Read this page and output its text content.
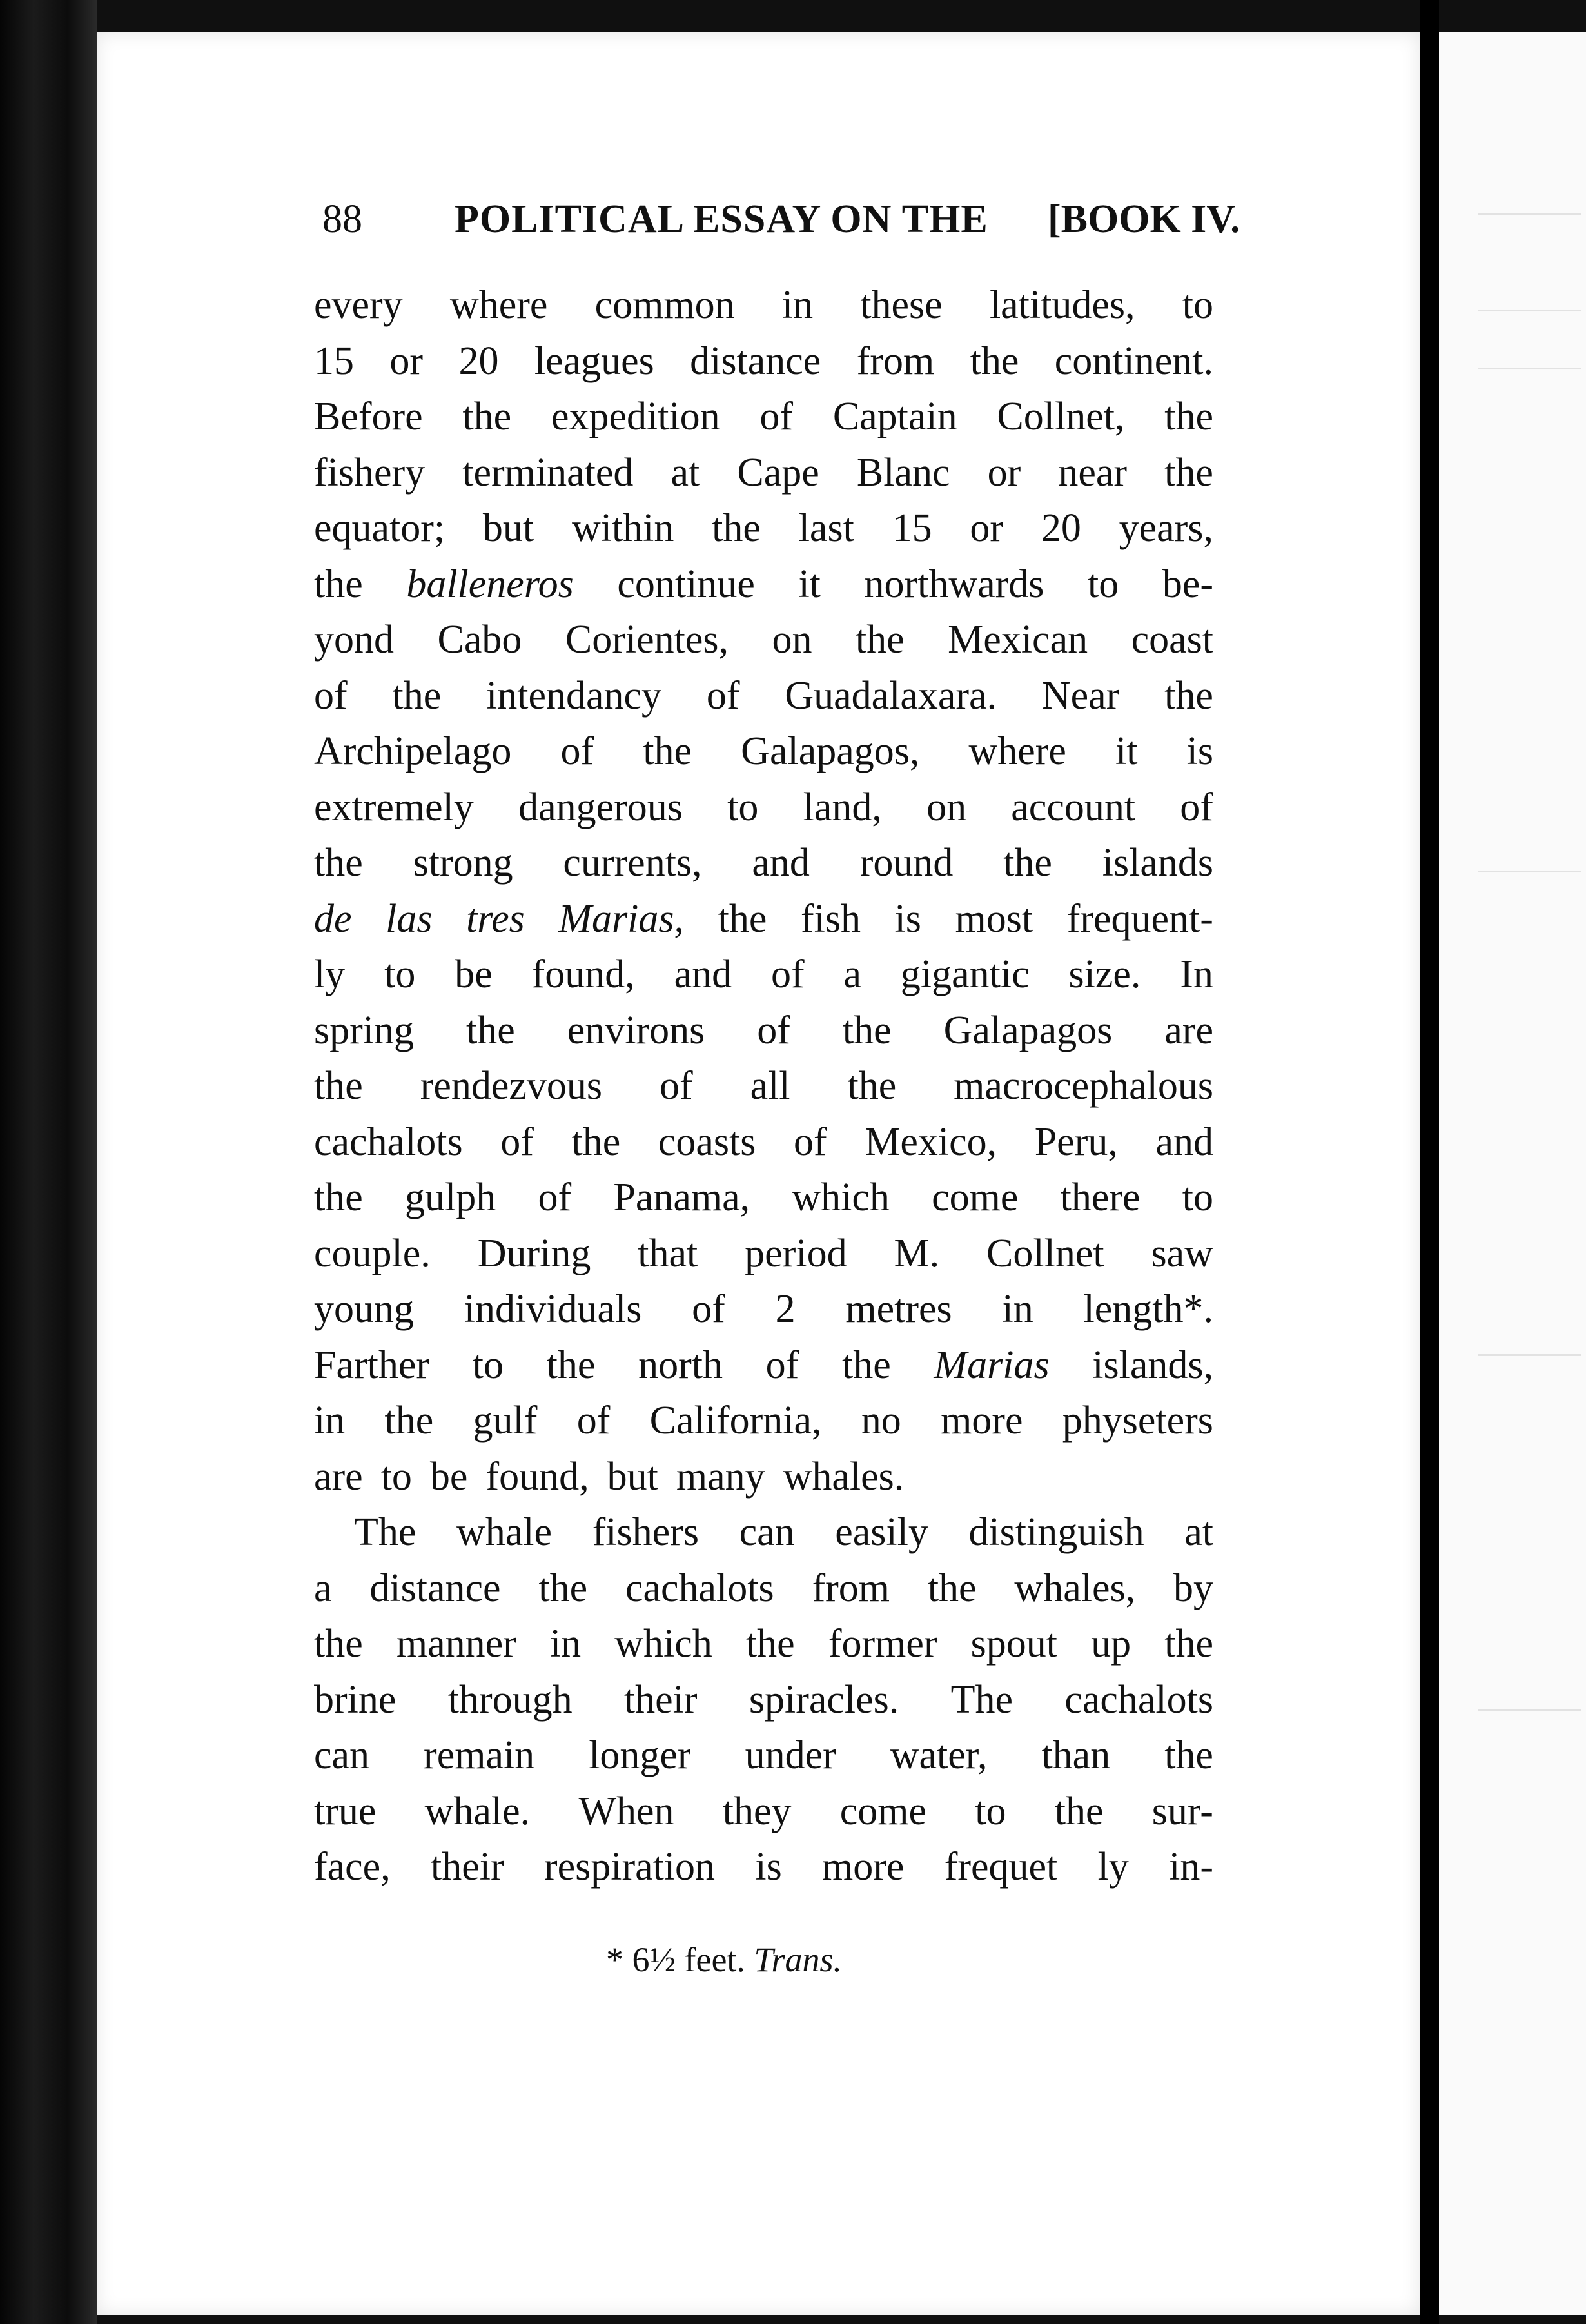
88 POLITICAL ESSAY ON THE [BOOK IV.
every where common in these latitudes, to
15 or 20 leagues distance from the continent.
Before the expedition of Captain Collnet, the
fishery terminated at Cape Blanc or near the
equator; but within the last 15 or 20 years,
the balleneros continue it northwards to be-
yond Cabo Corientes, on the Mexican coast
of the intendancy of Guadalaxara. Near the
Archipelago of the Galapagos, where it is
extremely dangerous to land, on account of
the strong currents, and round the islands
de las tres Marias, the fish is most frequent-
ly to be found, and of a gigantic size. In
spring the environs of the Galapagos are
the rendezvous of all the macrocephalous
cachalots of the coasts of Mexico, Peru, and
the gulph of Panama, which come there to
couple. During that period M. Collnet saw
young individuals of 2 metres in length*.
Farther to the north of the Marias islands,
in the gulf of California, no more physeters
are to be found, but many whales.
The whale fishers can easily distinguish at
a distance the cachalots from the whales, by
the manner in which the former spout up the
brine through their spiracles. The cachalots
can remain longer under water, than the
true whale. When they come to the sur-
face, their respiration is more frequet ly in-
* 6½ feet. Trans.
